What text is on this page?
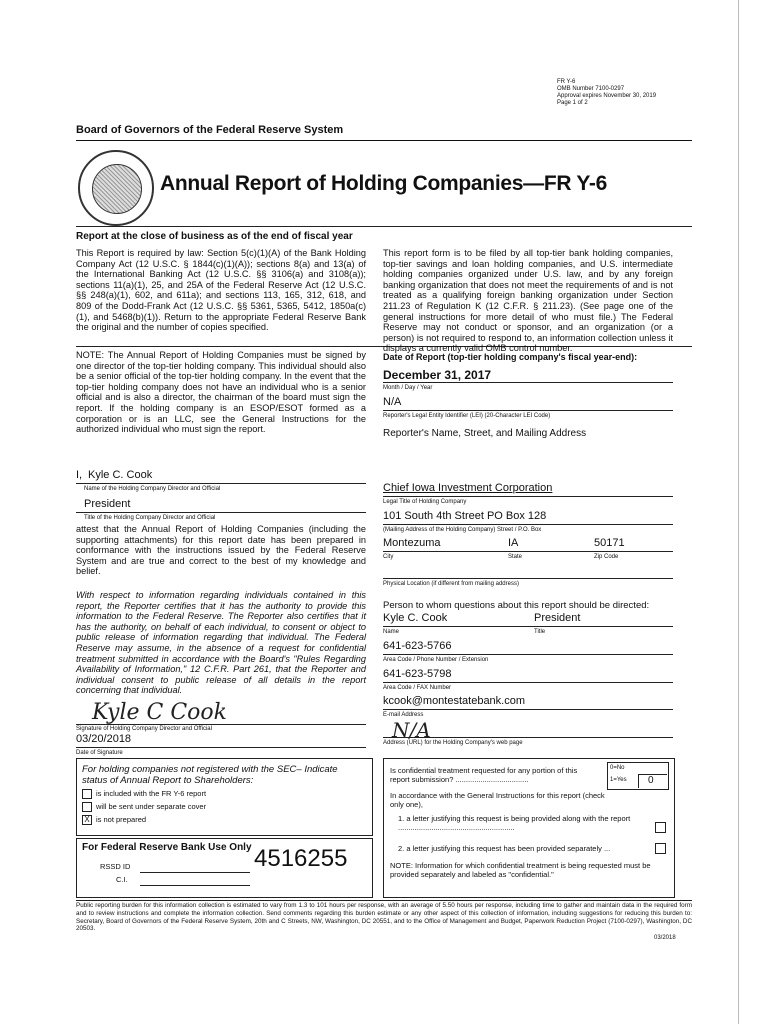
FR Y-6
OMB Number 7100-0297
Approval expires November 30, 2019
Page 1 of 2
Board of Governors of the Federal Reserve System
Annual Report of Holding Companies—FR Y-6
Report at the close of business as of the end of fiscal year
This Report is required by law: Section 5(c)(1)(A) of the Bank Holding Company Act (12 U.S.C. § 1844(c)(1)(A)); sections 8(a) and 13(a) of the International Banking Act (12 U.S.C. §§ 3106(a) and 3108(a)); sections 11(a)(1), 25, and 25A of the Federal Reserve Act (12 U.S.C. §§ 248(a)(1), 602, and 611a); and sections 113, 165, 312, 618, and 809 of the Dodd-Frank Act (12 U.S.C. §§ 5361, 5365, 5412, 1850a(c)(1), and 5468(b)(1)). Return to the appropriate Federal Reserve Bank the original and the number of copies specified.
NOTE: The Annual Report of Holding Companies must be signed by one director of the top-tier holding company. This individual should also be a senior official of the top-tier holding company. In the event that the top-tier holding company does not have an individual who is a senior official and is also a director, the chairman of the board must sign the report. If the holding company is an ESOP/ESOT formed as a corporation or is an LLC, see the General Instructions for the authorized individual who must sign the report.
I, Kyle C. Cook
Name of the Holding Company Director and Official
President
Title of the Holding Company Director and Official
attest that the Annual Report of Holding Companies (including the supporting attachments) for this report date has been prepared in conformance with the instructions issued by the Federal Reserve System and are true and correct to the best of my knowledge and belief.
With respect to information regarding individuals contained in this report, the Reporter certifies that it has the authority to provide this information to the Federal Reserve. The Reporter also certifies that it has the authority, on behalf of each individual, to consent or object to public release of information regarding that individual. The Federal Reserve may assume, in the absence of a request for confidential treatment submitted in accordance with the Board's "Rules Regarding Availability of Information," 12 C.F.R. Part 261, that the Reporter and individual consent to public release of all details in the report concerning that individual.
Kyle C Cook
Signature of Holding Company Director and Official
03/20/2018
Date of Signature
For holding companies not registered with the SEC– Indicate status of Annual Report to Shareholders:
is included with the FR Y-6 report
will be sent under separate cover
X is not prepared
For Federal Reserve Bank Use Only 4516255
RSSD ID
C.I.
This report form is to be filed by all top-tier bank holding companies, top-tier savings and loan holding companies, and U.S. intermediate holding companies organized under U.S. law, and by any foreign banking organization that does not meet the requirements of and is not treated as a qualifying foreign banking organization under Section 211.23 of Regulation K (12 C.F.R. § 211.23). (See page one of the general instructions for more detail of who must file.) The Federal Reserve may not conduct or sponsor, and an organization (or a person) is not required to respond to, an information collection unless it displays a currently valid OMB control number.
Date of Report (top-tier holding company's fiscal year-end):
December 31, 2017
Month / Day / Year
N/A
Reporter's Legal Entity Identifier (LEI) (20-Character LEI Code)
Reporter's Name, Street, and Mailing Address
Chief Iowa Investment Corporation
Legal Title of Holding Company
101 South 4th Street PO Box 128
(Mailing Address of the Holding Company) Street / P.O. Box
Montezuma	IA	50171
City	State	Zip Code
Physical Location (if different from mailing address)
Person to whom questions about this report should be directed:
Kyle C. Cook	President
Name	Title
641-623-5766
Area Code / Phone Number / Extension
641-623-5798
Area Code / FAX Number
kcook@montestatebank.com
E-mail Address
N/A
Address (URL) for the Holding Company's web page
Is confidential treatment requested for any portion of this report submission? ...................................
0=No
1=Yes 0
In accordance with the General Instructions for this report (check only one),
1. a letter justifying this request is being provided along with the report ........................................................
2. a letter justifying this request has been provided separately ...
NOTE: Information for which confidential treatment is being requested must be provided separately and labeled as "confidential."
Public reporting burden for this information collection is estimated to vary from 1.3 to 101 hours per response, with an average of 5.50 hours per response, including time to gather and maintain data in the required form and to review instructions and complete the information collection. Send comments regarding this burden estimate or any other aspect of this collection of information, including suggestions for reducing this burden to: Secretary, Board of Governors of the Federal Reserve System, 20th and C Streets, NW, Washington, DC 20551, and to the Office of Management and Budget, Paperwork Reduction Project (7100-0297), Washington, DC 20503.
03/2018
